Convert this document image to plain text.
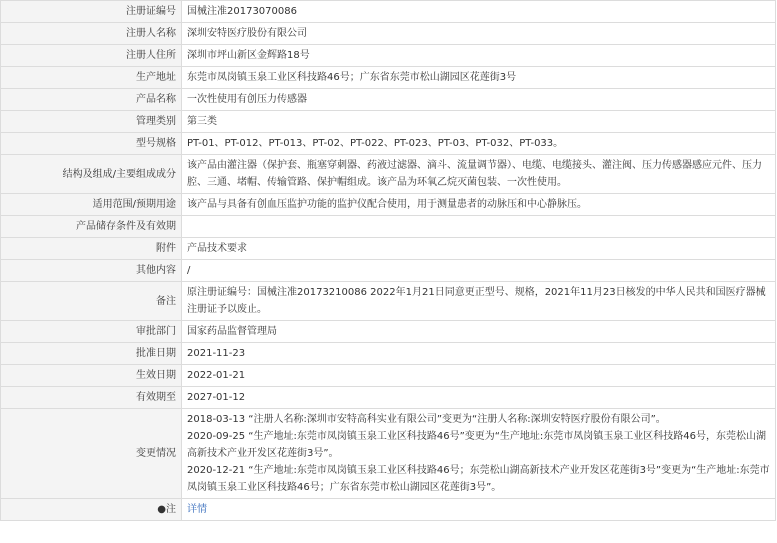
注册证编号	国械注准20173070086
注册人名称	深圳安特医疗股份有限公司
注册人住所	深圳市坪山新区金辉路18号
生产地址	东莞市凤岗镇玉泉工业区科技路46号；广东省东莞市松山湖园区花莲街3号
产品名称	一次性使用有创压力传感器
管理类别	第三类
型号规格	PT-01、PT-012、PT-013、PT-02、PT-022、PT-023、PT-03、PT-032、PT-033。
结构及组成/主要组成成分	该产品由灌注器（保护套、瓶塞穿刺器、药液过滤器、滴斗、流量调节器）、电缆、电缆接头、灌注阀、压力传感器感应元件、压力腔、三通、堵帽、传输管路、保护帽组成。该产品为环氧乙烷灭菌包装、一次性使用。
适用范围/预期用途	该产品与具备有创血压监护功能的监护仪配合使用，用于测量患者的动脉压和中心静脉压。
产品储存条件及有效期	
附件	产品技术要求
其他内容	/
备注	原注册证编号：国械注准20173210086 2022年1月21日同意更正型号、规格，2021年11月23日核发的中华人民共和国医疗器械注册证予以废止。
审批部门	国家药品监督管理局
批准日期	2021-11-23
生效日期	2022-01-21
有效期至	2027-01-12
变更情况	2018-03-13 “注册人名称:深圳市安特高科实业有限公司”变更为“注册人名称:深圳安特医疗股份有限公司”。
2020-09-25 “生产地址:东莞市凤岗镇玉泉工业区科技路46号”变更为“生产地址:东莞市凤岗镇玉泉工业区科技路46号，东莞松山湖高新技术产业开发区花莲街3号”。
2020-12-21 “生产地址:东莞市凤岗镇玉泉工业区科技路46号；东莞松山湖高新技术产业开发区花莲街3号”变更为“生产地址:东莞市凤岗镇玉泉工业区科技路46号；广东省东莞市松山湖园区花莲街3号”。

●注	详情
